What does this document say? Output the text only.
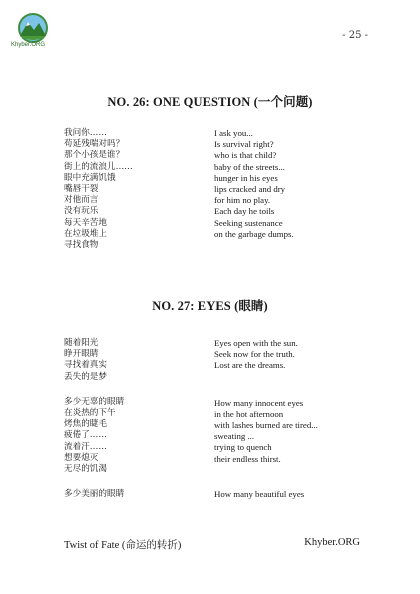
Khyber.ORG
- 25 -
NO. 26: ONE QUESTION (一个问题)
我问你……
苟延残喘对吗？
那个小孩是谁？
街上的流浪儿……
眼中充满饥饿
嘴唇干裂
对他而言
没有玩乐
每天辛苦地
在垃圾堆上
寻找食物
I ask you...
Is survival right?
who is that child?
baby of the streets...
hunger in his eyes
lips cracked and dry
for him no play.
Each day he toils
Seeking sustenance
on the garbage dumps.
NO. 27: EYES (眼睛)
随着阳光
睁开眼睛
寻找着真实
丢失的是梦
多少无辜的眼睛
在炎热的下午
烤焦的睫毛
疲倦了……
流着汗……
想要熄灭
无尽的饥渴
多少美丽的眼睛
Eyes open with the sun.
Seek now for the truth.
Lost are the dreams.
How many innocent eyes
in the hot afternoon
with lashes burned are tired...
sweating ...
trying to quench
their endless thirst.
How many beautiful eyes
Twist of Fate (命运的转折)	Khyber.ORG
